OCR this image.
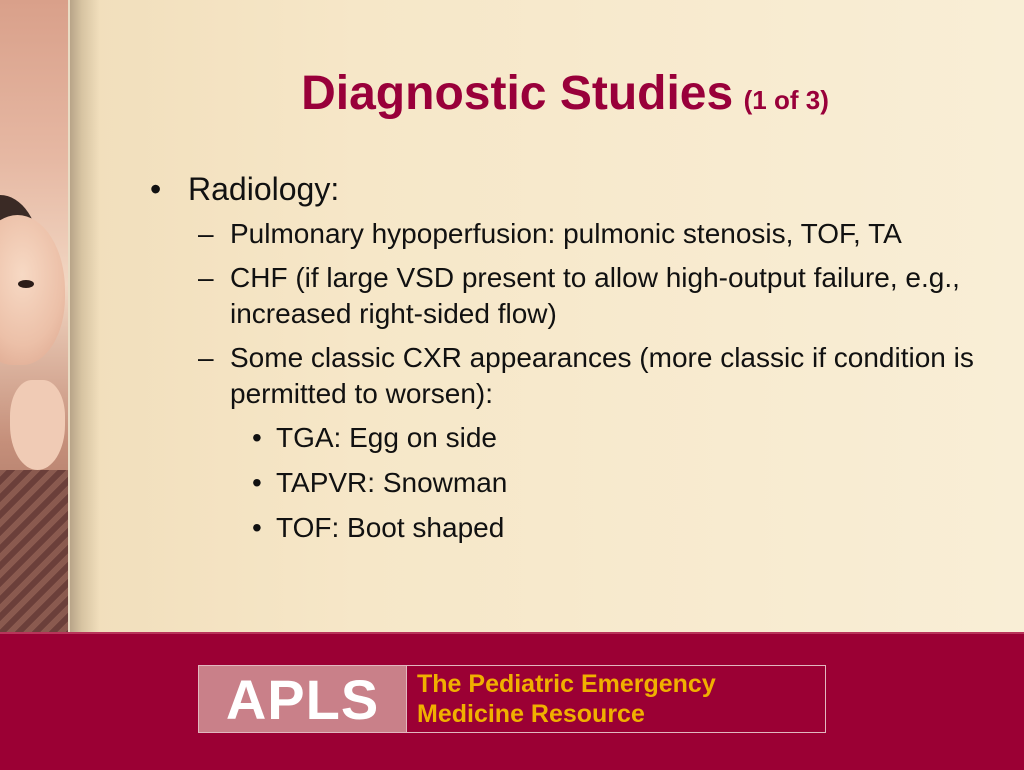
Diagnostic Studies (1 of 3)
• Radiology:
– Pulmonary hypoperfusion: pulmonic stenosis, TOF, TA
– CHF (if large VSD present to allow high-output failure, e.g., increased right-sided flow)
– Some classic CXR appearances (more classic if condition is permitted to worsen):
• TGA: Egg on side
• TAPVR: Snowman
• TOF: Boot shaped
APLS	The Pediatric Emergency
Medicine Resource
